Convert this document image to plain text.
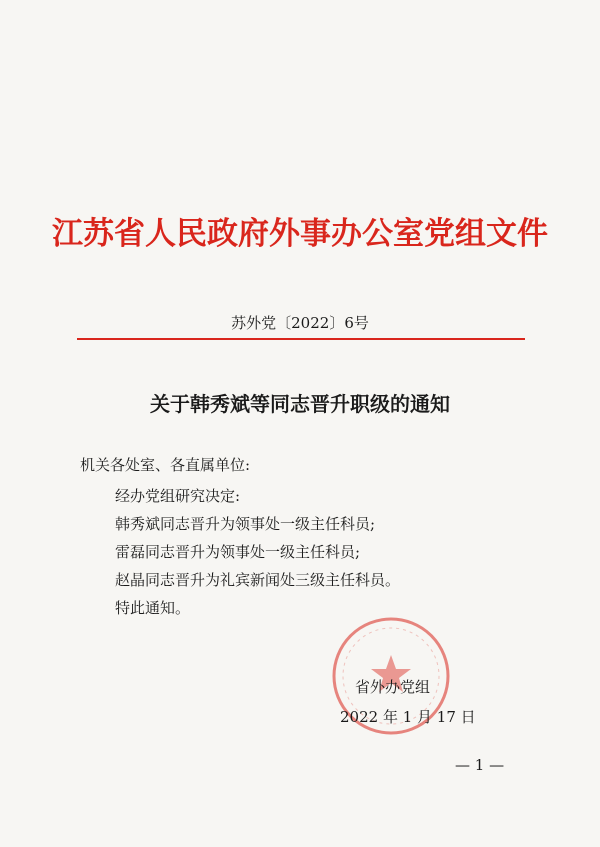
江苏省人民政府外事办公室党组文件
苏外党〔2022〕6号
关于韩秀斌等同志晋升职级的通知
机关各处室、各直属单位:
经办党组研究决定:
韩秀斌同志晋升为领事处一级主任科员;
雷磊同志晋升为领事处一级主任科员;
赵晶同志晋升为礼宾新闻处三级主任科员。
特此通知。
省外办党组
2022 年 1 月 17 日
— 1 —
